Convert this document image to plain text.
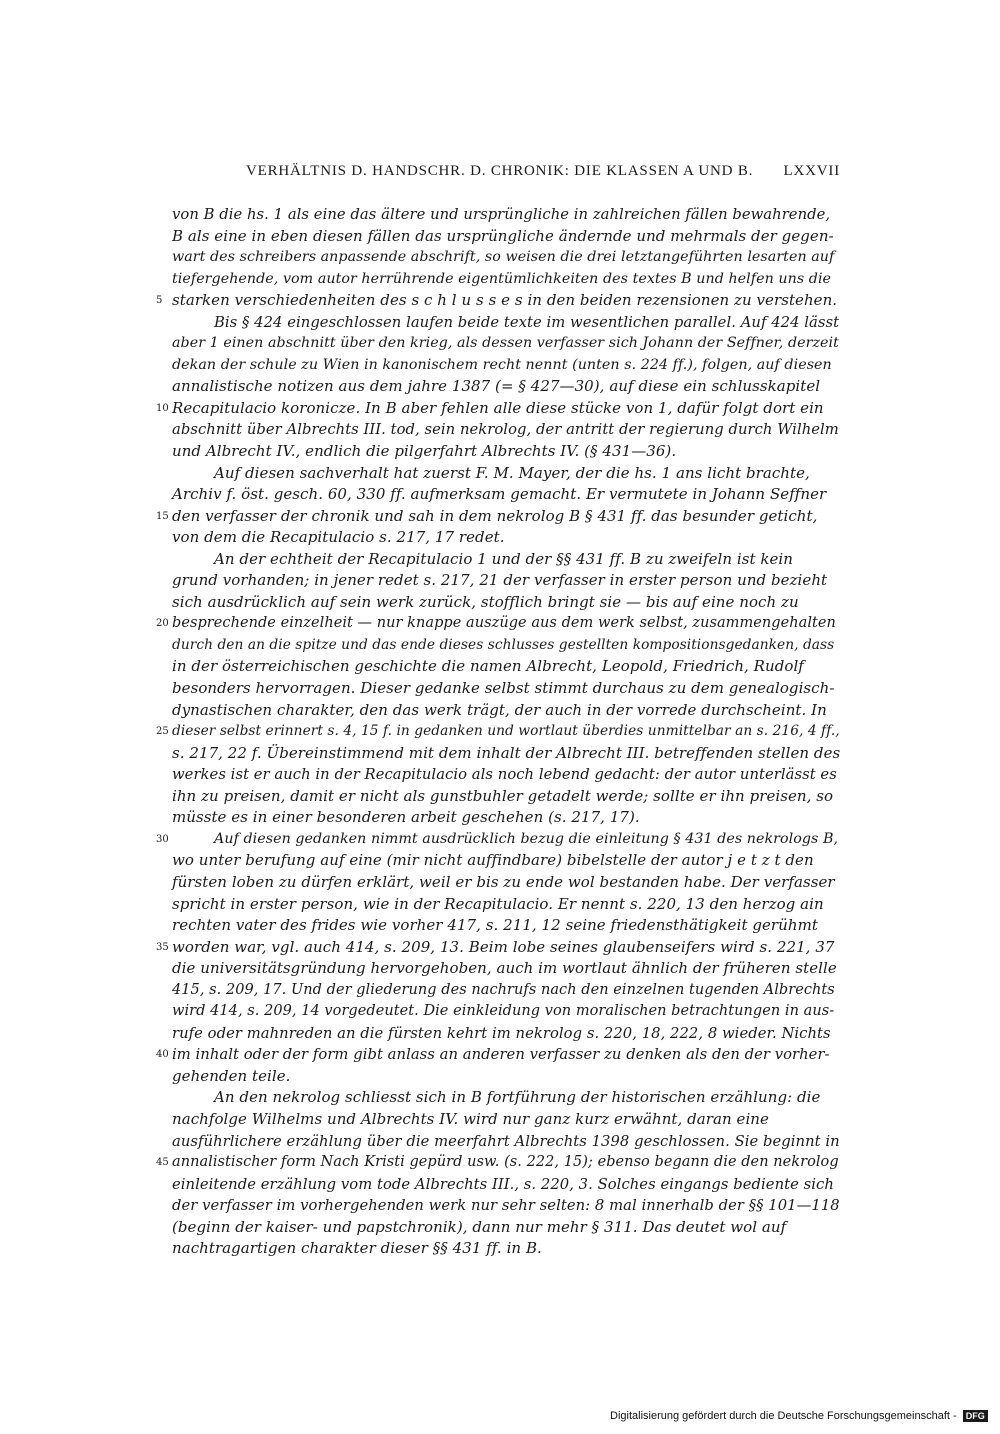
VERHÄLTNIS D. HANDSCHR. D. CHRONIK: DIE KLASSEN A UND B. LXXVII
von B die hs. 1 als eine das ältere und ursprüngliche in zahlreichen fällen bewahrende,
B als eine in eben diesen fällen das ursprüngliche ändernde und mehrmals der gegen-
wart des schreibers anpassende abschrift, so weisen die drei letztangeführten lesarten auf
tiefergehende, vom autor herrührende eigentümlichkeiten des textes B und helfen uns die
5 starken verschiedenheiten des s c h l u s s e s in den beiden rezensionen zu verstehen.
Bis § 424 eingeschlossen laufen beide texte im wesentlichen parallel. Auf 424 lässt
aber 1 einen abschnitt über den krieg, als dessen verfasser sich Johann der Seffner, derzeit
dekan der schule zu Wien in kanonischem recht nennt (unten s. 224 ff.), folgen, auf diesen
annalistische notizen aus dem jahre 1387 (= § 427—30), auf diese ein schlusskapitel
10 Recapitulacio koronicze. In B aber fehlen alle diese stücke von 1, dafür folgt dort ein
abschnitt über Albrechts III. tod, sein nekrolog, der antritt der regierung durch Wilhelm
und Albrecht IV., endlich die pilgerfahrt Albrechts IV. (§ 431—36).
Auf diesen sachverhalt hat zuerst F. M. Mayer, der die hs. 1 ans licht brachte,
Archiv f. öst. gesch. 60, 330 ff. aufmerksam gemacht. Er vermutete in Johann Seffner
15 den verfasser der chronik und sah in dem nekrolog B § 431 ff. das besunder geticht,
von dem die Recapitulacio s. 217, 17 redet.
An der echtheit der Recapitulacio 1 und der §§ 431 ff. B zu zweifeln ist kein
grund vorhanden; in jener redet s. 217, 21 der verfasser in erster person und bezieht
sich ausdrücklich auf sein werk zurück, stofflich bringt sie — bis auf eine noch zu
20 besprechende einzelheit — nur knappe auszüge aus dem werk selbst, zusammengehalten
durch den an die spitze und das ende dieses schlusses gestellten kompositionsgedanken, dass
in der österreichischen geschichte die namen Albrecht, Leopold, Friedrich, Rudolf
besonders hervorragen. Dieser gedanke selbst stimmt durchaus zu dem genealogisch-
dynastischen charakter, den das werk trägt, der auch in der vorrede durchscheint. In
25 dieser selbst erinnert s. 4, 15 f. in gedanken und wortlaut überdies unmittelbar an s. 216, 4 ff.,
s. 217, 22 f. Übereinstimmend mit dem inhalt der Albrecht III. betreffenden stellen des
werkes ist er auch in der Recapitulacio als noch lebend gedacht: der autor unterlässt es
ihn zu preisen, damit er nicht als gunstbuhler getadelt werde; sollte er ihn preisen, so
müsste es in einer besonderen arbeit geschehen (s. 217, 17).
30	Auf diesen gedanken nimmt ausdrücklich bezug die einleitung § 431 des nekrologs B,
wo unter berufung auf eine (mir nicht auffindbare) bibelstelle der autor j e t z t den
fürsten loben zu dürfen erklärt, weil er bis zu ende wol bestanden habe. Der verfasser
spricht in erster person, wie in der Recapitulacio. Er nennt s. 220, 13 den herzog ain
rechten vater des frides wie vorher 417, s. 211, 12 seine friedensthätigkeit gerühmt
35 worden war, vgl. auch 414, s. 209, 13. Beim lobe seines glaubenseifers wird s. 221, 37
die universitätsgründung hervorgehoben, auch im wortlaut ähnlich der früheren stelle
415, s. 209, 17. Und der gliederung des nachrufs nach den einzelnen tugenden Albrechts
wird 414, s. 209, 14 vorgedeutet. Die einkleidung von moralischen betrachtungen in aus-
rufe oder mahnreden an die fürsten kehrt im nekrolog s. 220, 18, 222, 8 wieder. Nichts
40 im inhalt oder der form gibt anlass an anderen verfasser zu denken als den der vorher-
gehenden teile.
An den nekrolog schliesst sich in B fortführung der historischen erzählung: die
nachfolge Wilhelms und Albrechts IV. wird nur ganz kurz erwähnt, daran eine
ausführlichere erzählung über die meerfahrt Albrechts 1398 geschlossen. Sie beginnt in
45 annalistischer form Nach Kristi gepürd usw. (s. 222, 15); ebenso begann die den nekrolog
einleitende erzählung vom tode Albrechts III., s. 220, 3. Solches eingangs bediente sich
der verfasser im vorhergehenden werk nur sehr selten: 8 mal innerhalb der §§ 101—118
(beginn der kaiser- und papstchronik), dann nur mehr § 311. Das deutet wol auf
nachtragartigen charakter dieser §§ 431 ff. in B.
Digitalisierung gefördert durch die Deutsche Forschungsgemeinschaft - DFG
